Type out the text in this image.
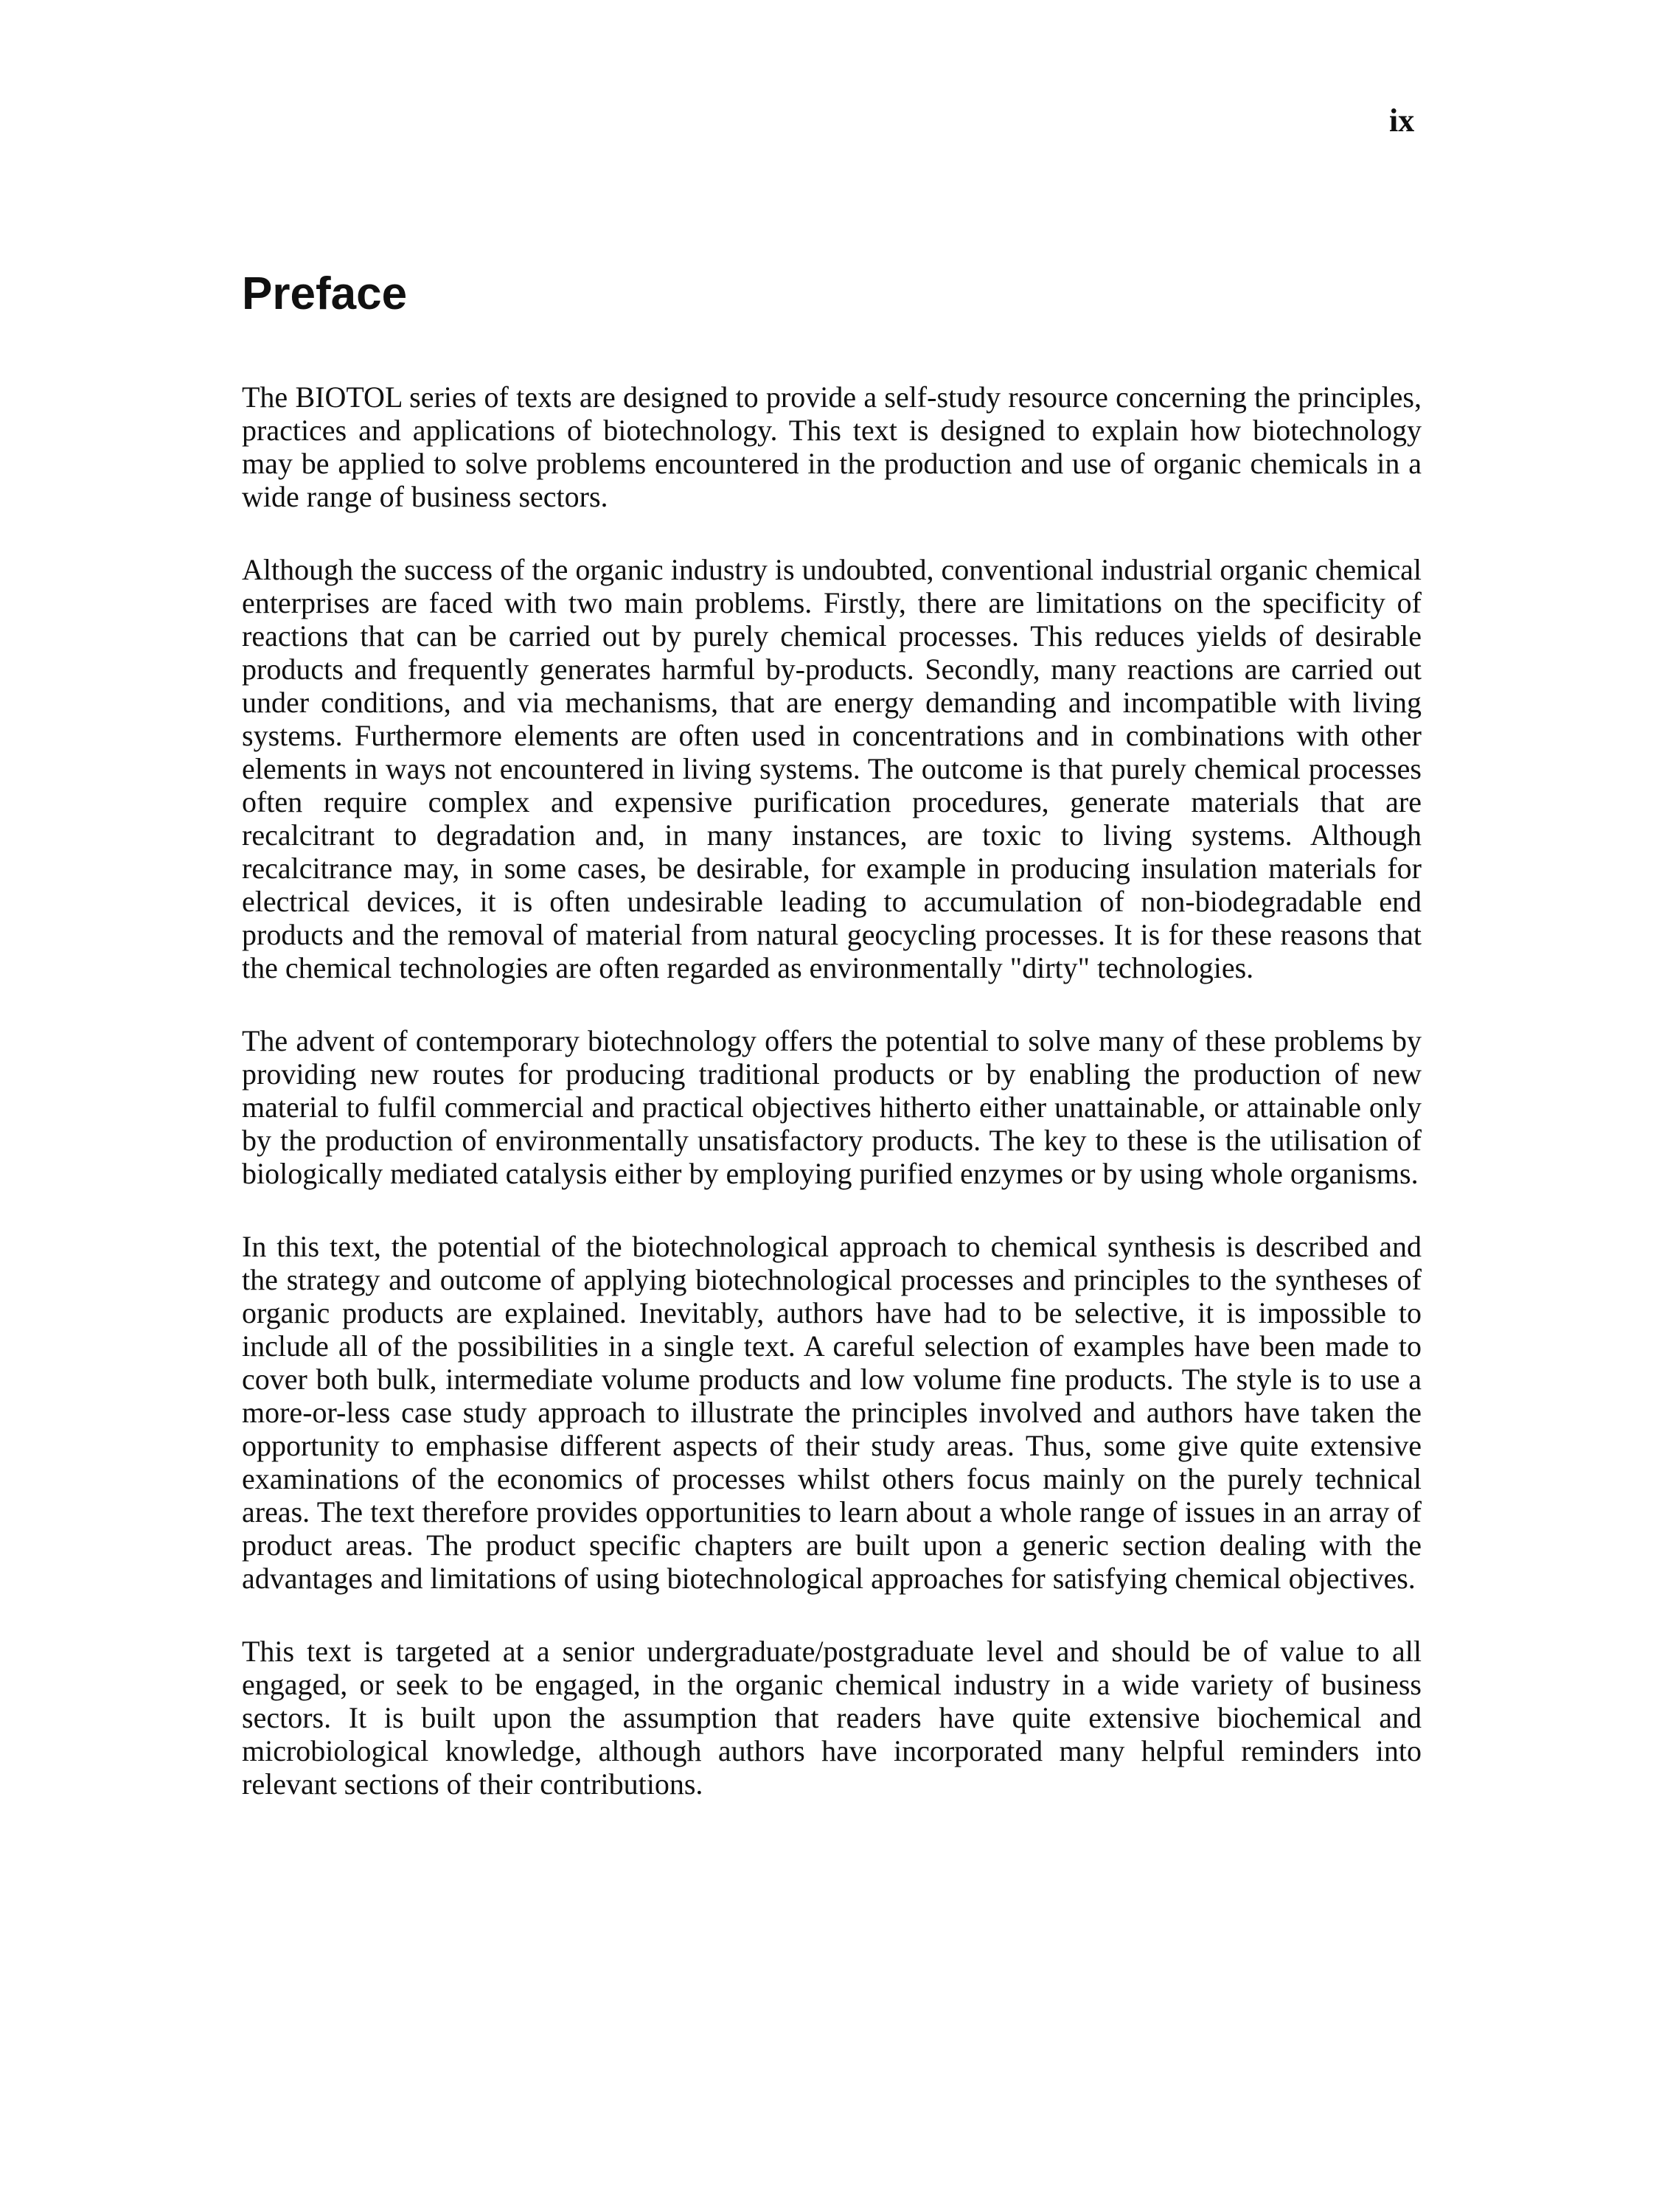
ix
Preface

The BIOTOL series of texts are designed to provide a self-study resource concerning the principles, practices and applications of biotechnology. This text is designed to explain how biotechnology may be applied to solve problems encountered in the production and use of organic chemicals in a wide range of business sectors.

Although the success of the organic industry is undoubted, conventional industrial organic chemical enterprises are faced with two main problems. Firstly, there are limitations on the specificity of reactions that can be carried out by purely chemical processes. This reduces yields of desirable products and frequently generates harmful by-products. Secondly, many reactions are carried out under conditions, and via mechanisms, that are energy demanding and incompatible with living systems. Furthermore elements are often used in concentrations and in combinations with other elements in ways not encountered in living systems. The outcome is that purely chemical processes often require complex and expensive purification procedures, generate materials that are recalcitrant to degradation and, in many instances, are toxic to living systems. Although recalcitrance may, in some cases, be desirable, for example in producing insulation materials for electrical devices, it is often undesirable leading to accumulation of non-biodegradable end products and the removal of material from natural geocycling processes. It is for these reasons that the chemical technologies are often regarded as environmentally "dirty" technologies.

The advent of contemporary biotechnology offers the potential to solve many of these problems by providing new routes for producing traditional products or by enabling the production of new material to fulfil commercial and practical objectives hitherto either unattainable, or attainable only by the production of environmentally unsatisfactory products. The key to these is the utilisation of biologically mediated catalysis either by employing purified enzymes or by using whole organisms.

In this text, the potential of the biotechnological approach to chemical synthesis is described and the strategy and outcome of applying biotechnological processes and principles to the syntheses of organic products are explained. Inevitably, authors have had to be selective, it is impossible to include all of the possibilities in a single text. A careful selection of examples have been made to cover both bulk, intermediate volume products and low volume fine products. The style is to use a more-or-less case study approach to illustrate the principles involved and authors have taken the opportunity to emphasise different aspects of their study areas. Thus, some give quite extensive examinations of the economics of processes whilst others focus mainly on the purely technical areas. The text therefore provides opportunities to learn about a whole range of issues in an array of product areas. The product specific chapters are built upon a generic section dealing with the advantages and limitations of using biotechnological approaches for satisfying chemical objectives.

This text is targeted at a senior undergraduate/postgraduate level and should be of value to all engaged, or seek to be engaged, in the organic chemical industry in a wide variety of business sectors. It is built upon the assumption that readers have quite extensive biochemical and microbiological knowledge, although authors have incorporated many helpful reminders into relevant sections of their contributions.
